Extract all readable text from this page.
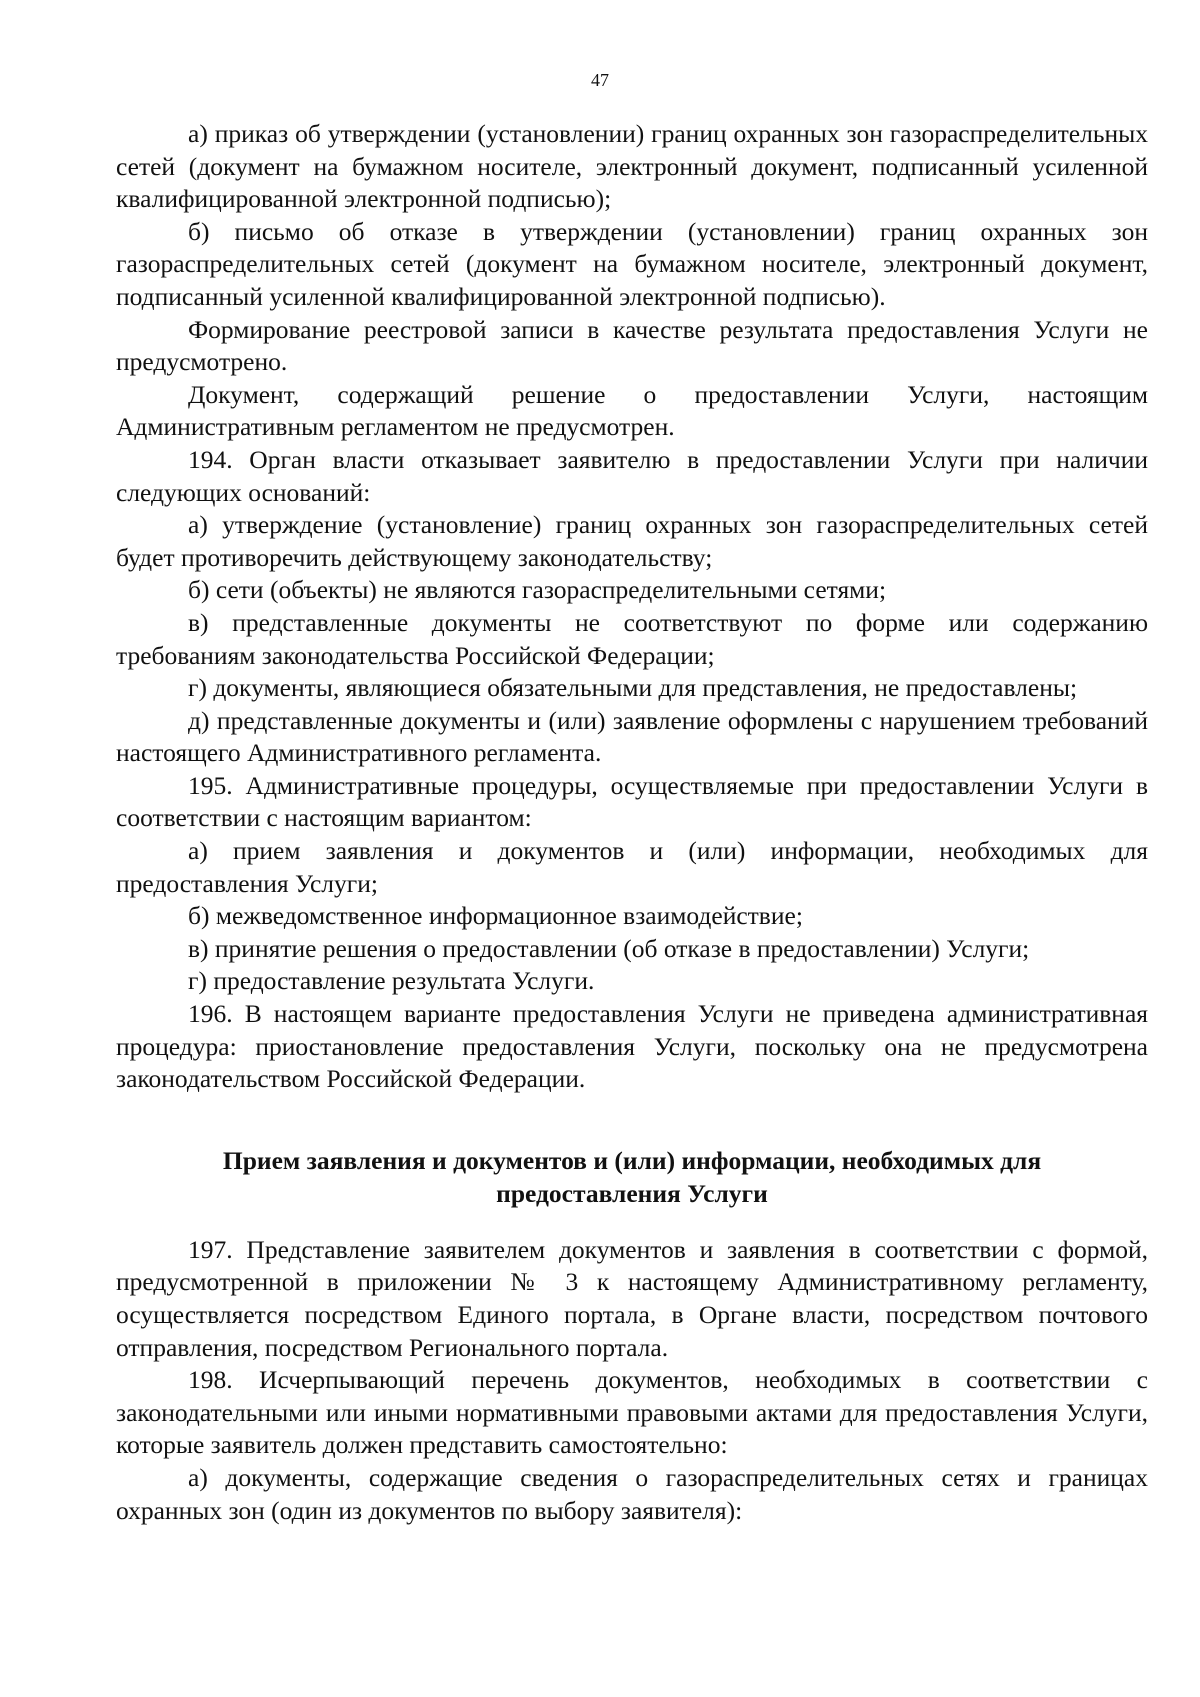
47

а) приказ об утверждении (установлении) границ охранных зон газораспределительных сетей (документ на бумажном носителе, электронный документ, подписанный усиленной квалифицированной электронной подписью);

б) письмо об отказе в утверждении (установлении) границ охранных зон газораспределительных сетей (документ на бумажном носителе, электронный документ, подписанный усиленной квалифицированной электронной подписью).

Формирование реестровой записи в качестве результата предоставления Услуги не предусмотрено.

Документ, содержащий решение о предоставлении Услуги, настоящим Административным регламентом не предусмотрен.

194. Орган власти отказывает заявителю в предоставлении Услуги при наличии следующих оснований:

а) утверждение (установление) границ охранных зон газораспределительных сетей будет противоречить действующему законодательству;

б) сети (объекты) не являются газораспределительными сетями;

в) представленные документы не соответствуют по форме или содержанию требованиям законодательства Российской Федерации;

г) документы, являющиеся обязательными для представления, не предоставлены;

д) представленные документы и (или) заявление оформлены с нарушением требований настоящего Административного регламента.

195. Административные процедуры, осуществляемые при предоставлении Услуги в соответствии с настоящим вариантом:

а) прием заявления и документов и (или) информации, необходимых для предоставления Услуги;

б) межведомственное информационное взаимодействие;

в) принятие решения о предоставлении (об отказе в предоставлении) Услуги;

г) предоставление результата Услуги.

196. В настоящем варианте предоставления Услуги не приведена административная процедура: приостановление предоставления Услуги, поскольку она не предусмотрена законодательством Российской Федерации.

Прием заявления и документов и (или) информации, необходимых для
предоставления Услуги

197. Представление заявителем документов и заявления в соответствии с формой, предусмотренной в приложении № 3 к настоящему Административному регламенту, осуществляется посредством Единого портала, в Органе власти, посредством почтового отправления, посредством Регионального портала.

198. Исчерпывающий перечень документов, необходимых в соответствии с законодательными или иными нормативными правовыми актами для предоставления Услуги, которые заявитель должен представить самостоятельно:

а) документы, содержащие сведения о газораспределительных сетях и границах охранных зон (один из документов по выбору заявителя):
